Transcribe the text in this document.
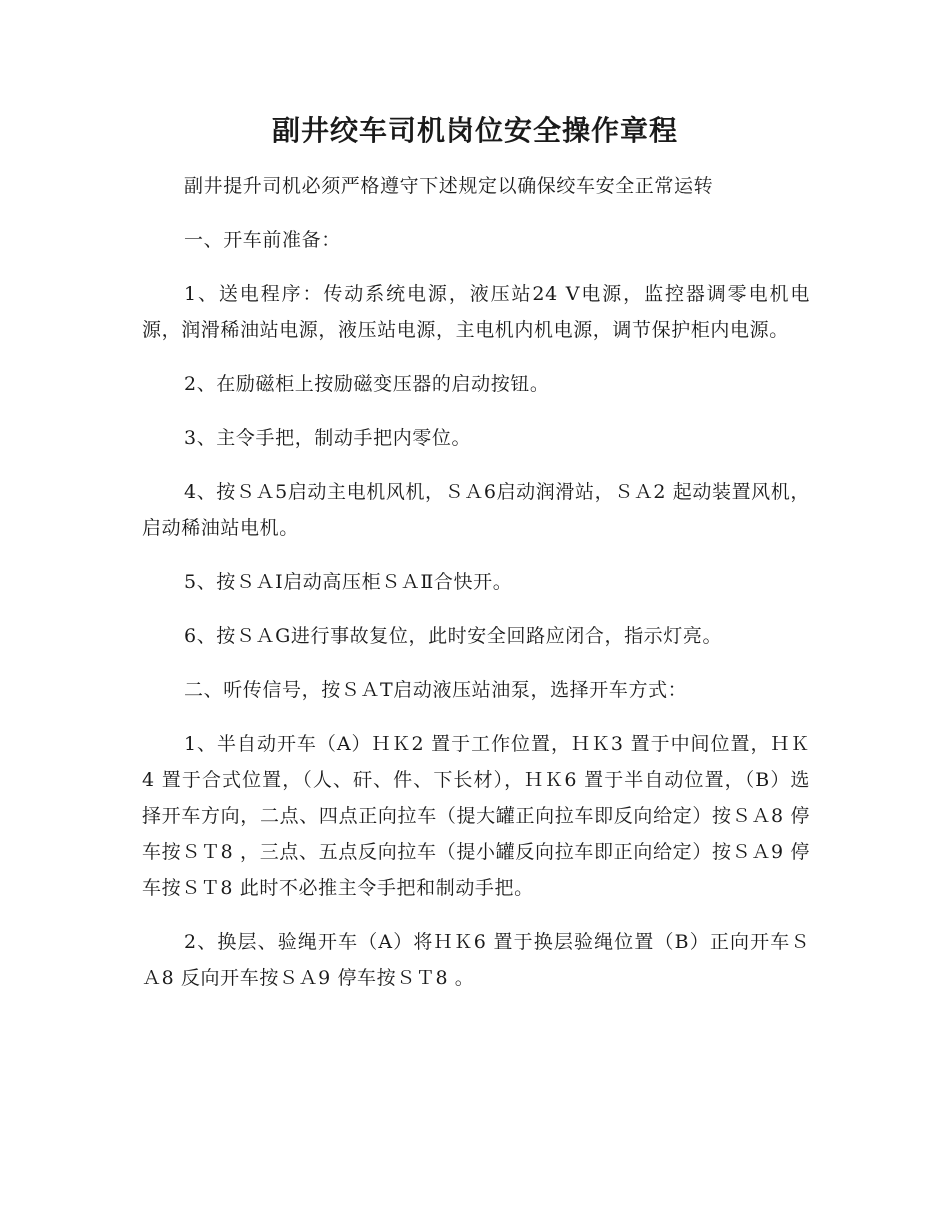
副井绞车司机岗位安全操作章程

副井提升司机必须严格遵守下述规定以确保绞车安全正常运转

一、开车前准备：

1、送电程序：传动系统电源，液压站24 V电源，监控器调零电机电源，润滑稀油站电源，液压站电源，主电机内机电源，调节保护柜内电源。

2、在励磁柜上按励磁变压器的启动按钮。

3、主令手把，制动手把内零位。

4、按ＳＡ5启动主电机风机，ＳＡ6启动润滑站，ＳＡ2 起动装置风机，启动稀油站电机。

5、按ＳＡⅠ启动高压柜ＳＡⅡ合快开。

6、按ＳＡG进行事故复位，此时安全回路应闭合，指示灯亮。

二、听传信号，按ＳＡT启动液压站油泵，选择开车方式：

1、半自动开车（A）ＨＫ2 置于工作位置，ＨＫ3 置于中间位置，ＨＫ4 置于合式位置，（人、矸、件、下长材），ＨＫ6 置于半自动位置，（B）选择开车方向，二点、四点正向拉车（提大罐正向拉车即反向给定）按ＳＡ8 停车按ＳＴ8 ，三点、五点反向拉车（提小罐反向拉车即正向给定）按ＳＡ9 停车按ＳＴ8 此时不必推主令手把和制动手把。

2、换层、验绳开车（A）将ＨＫ6 置于换层验绳位置（B）正向开车ＳＡ8 反向开车按ＳＡ9 停车按ＳＴ8 。
